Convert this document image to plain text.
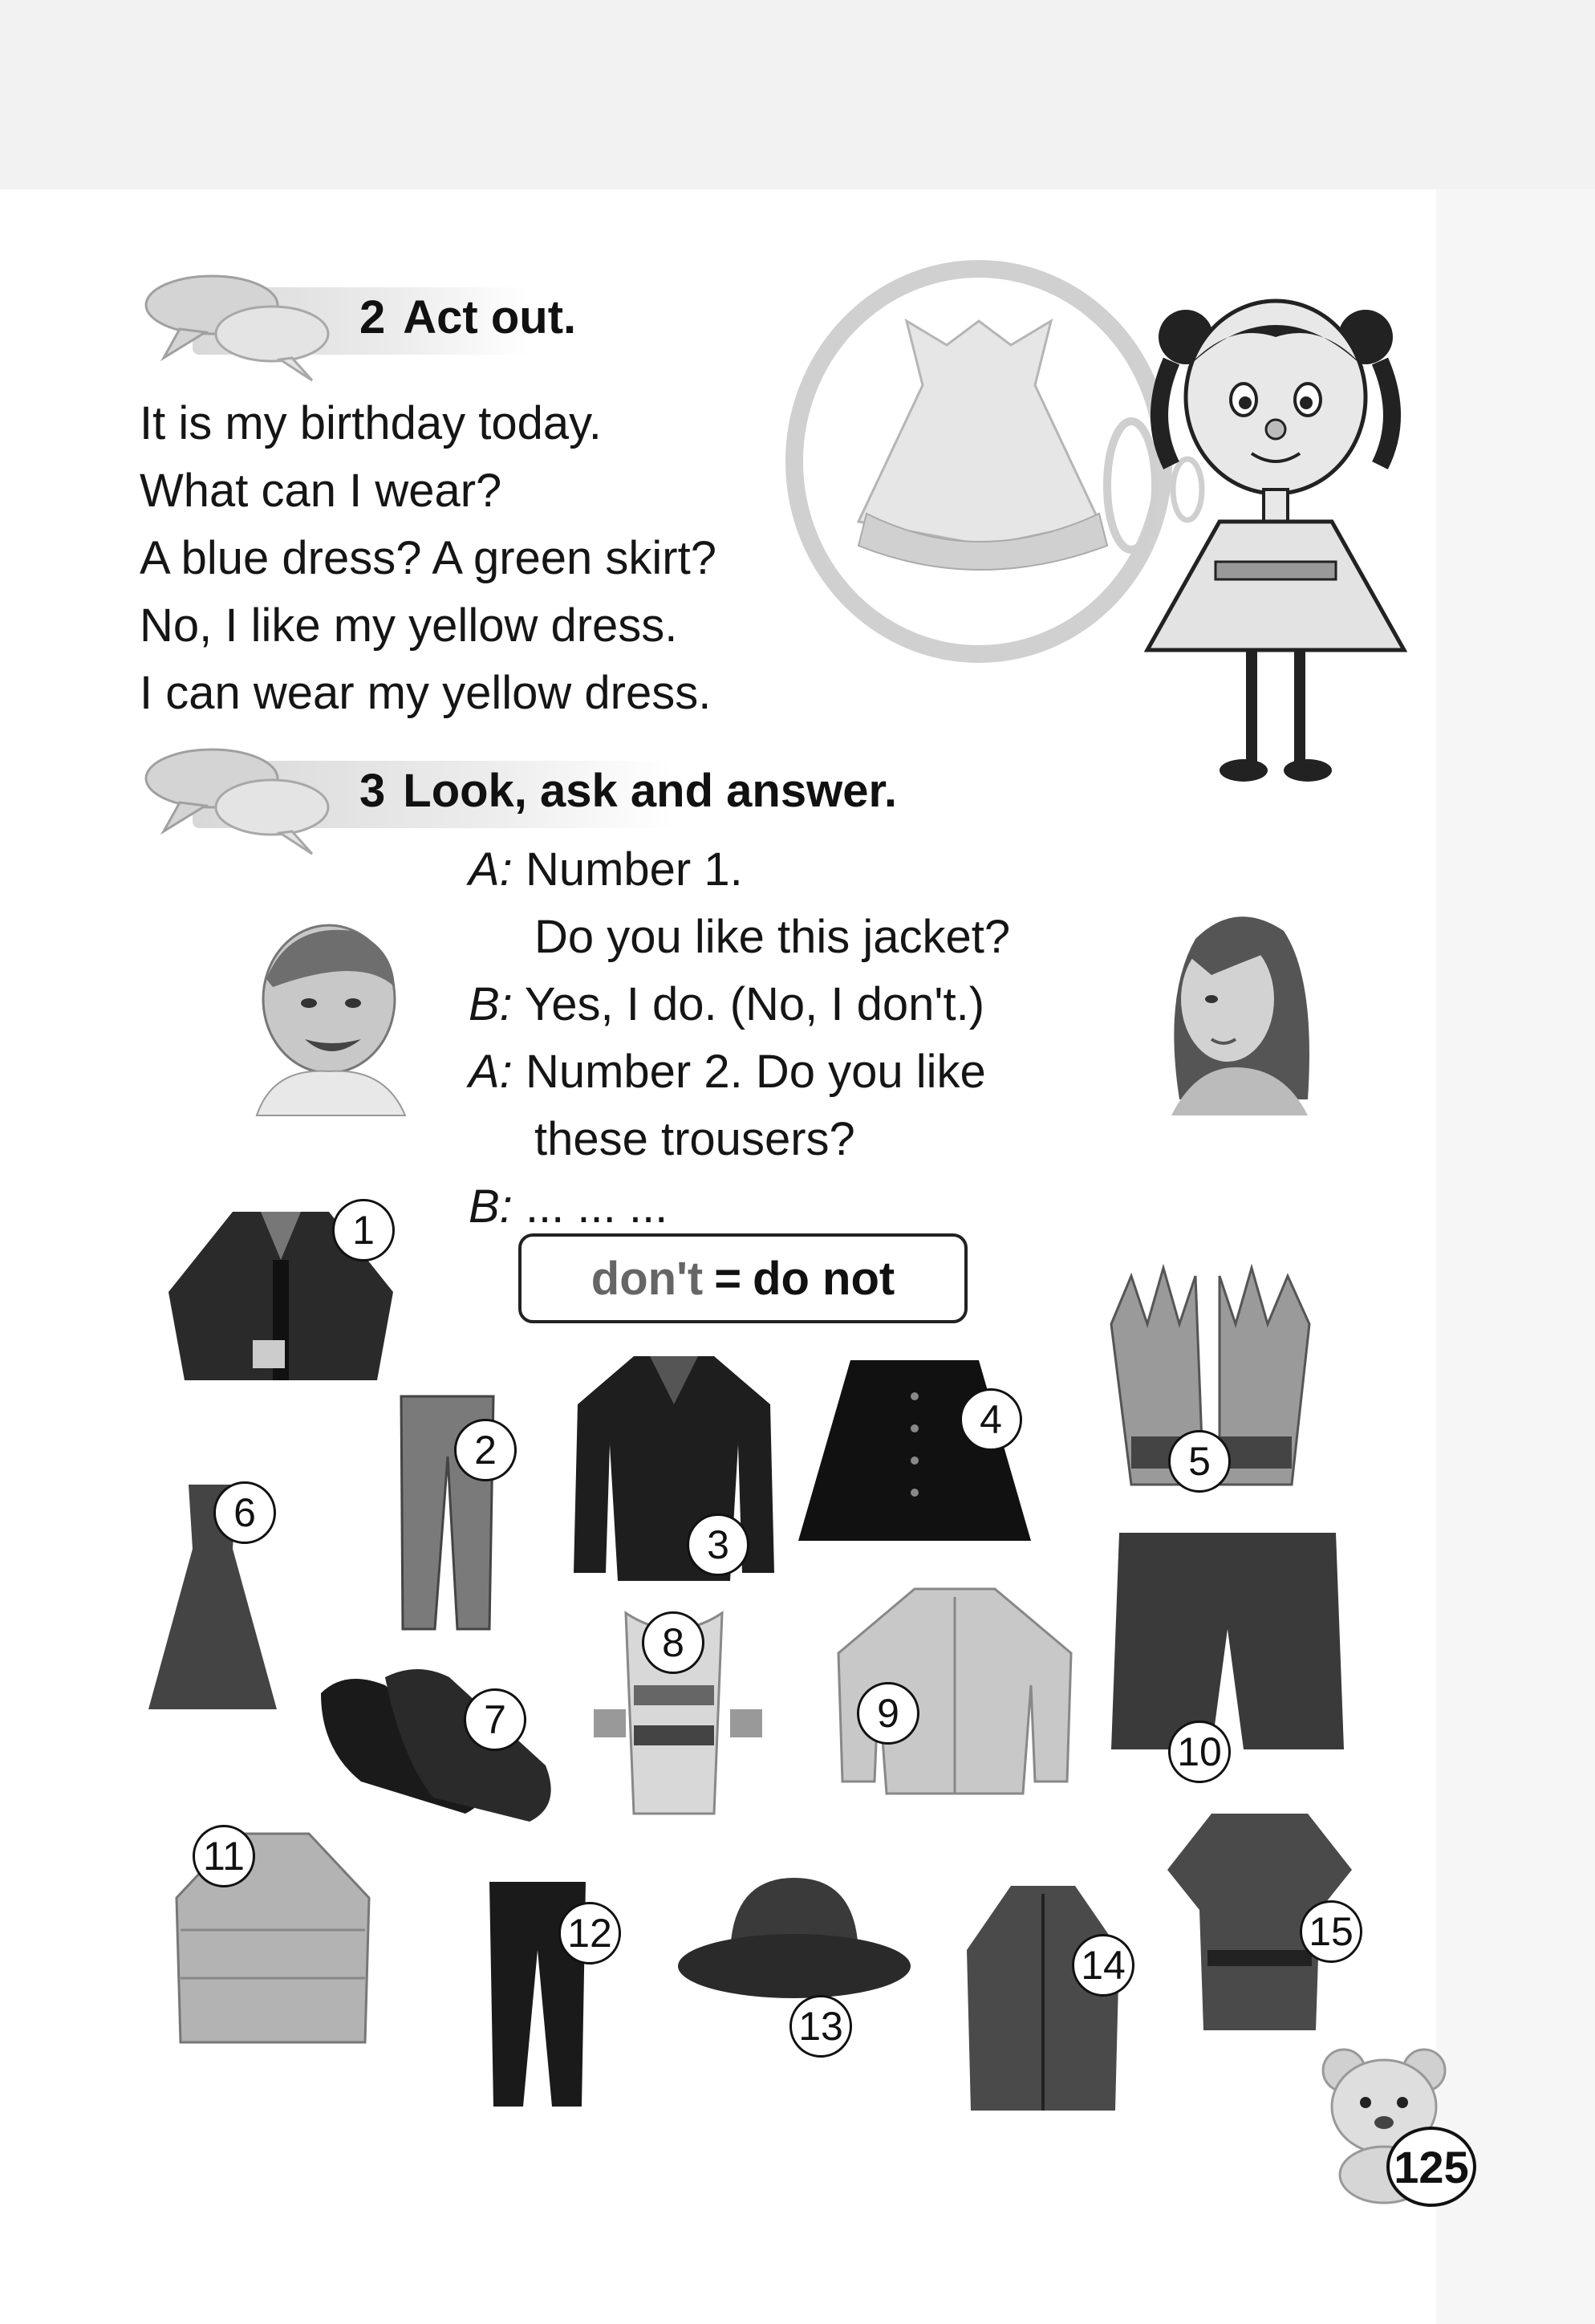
2 Act out.
It is my birthday today.
What can I wear?
A blue dress? A green skirt?
No, I like my yellow dress.
I can wear my yellow dress.
3 Look, ask and answer.
A: Number 1.
Do you like this jacket?
B: Yes, I do. (No, I don't.)
A: Number 2. Do you like
these trousers?
B: ... ... ...
don't = do not
1
2
3
4
5
6
7
8
9
10
11
12
13
14
15
125
